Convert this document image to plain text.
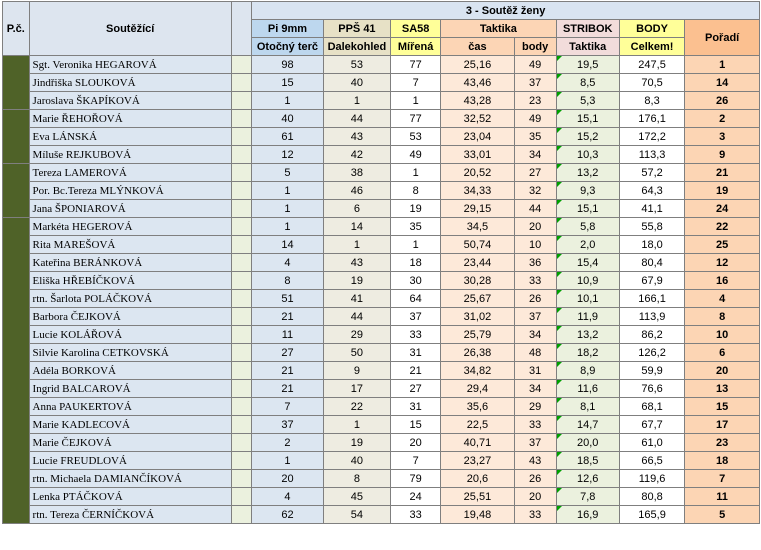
P.č.	Soutěžící		3 - Soutěž ženy							
			Pi 9mm	PPŠ 41	SA58	Taktika		STRIBOK	BODY	Pořadí
			Otočný terč	Dalekohled	Mířená	čas	body	Taktika	Celkem!	
	Sgt. Veronika HEGAROVÁ		98	53	77	25,16	49	19,5	247,5	1
	Jindřiška SLOUKOVÁ		15	40	7	43,46	37	8,5	70,5	14
	Jaroslava ŠKAPÍKOVÁ		1	1	1	43,28	23	5,3	8,3	26
	Marie ŘEHOŘOVÁ		40	44	77	32,52	49	15,1	176,1	2
	Eva LÁNSKÁ		61	43	53	23,04	35	15,2	172,2	3
	Míluše REJKUBOVÁ		12	42	49	33,01	34	10,3	113,3	9
	Tereza LAMEROVÁ		5	38	1	20,52	27	13,2	57,2	21
	Por. Bc.Tereza MLÝNKOVÁ		1	46	8	34,33	32	9,3	64,3	19
	Jana ŠPONIAROVÁ		1	6	19	29,15	44	15,1	41,1	24
	Markéta HEGEROVÁ		1	14	35	34,5	20	5,8	55,8	22
	Rita MAREŠOVÁ		14	1	1	50,74	10	2,0	18,0	25
	Kateřina BERÁNKOVÁ		4	43	18	23,44	36	15,4	80,4	12
	Eliška HŘEBÍČKOVÁ		8	19	30	30,28	33	10,9	67,9	16
	rtn. Šarlota POLÁČKOVÁ		51	41	64	25,67	26	10,1	166,1	4
	Barbora ČEJKOVÁ		21	44	37	31,02	37	11,9	113,9	8
	Lucie KOLÁŘOVÁ		11	29	33	25,79	34	13,2	86,2	10
	Silvie Karolina CETKOVSKÁ		27	50	31	26,38	48	18,2	126,2	6
	Adéla BORKOVÁ		21	9	21	34,82	31	8,9	59,9	20
	Ingrid BALCAROVÁ		21	17	27	29,4	34	11,6	76,6	13
	Anna PAUKERTOVÁ		7	22	31	35,6	29	8,1	68,1	15
	Marie KADLECOVÁ		37	1	15	22,5	33	14,7	67,7	17
	Marie ČEJKOVÁ		2	19	20	40,71	37	20,0	61,0	23
	Lucie FREUDLOVÁ		1	40	7	23,27	43	18,5	66,5	18
	rtn. Michaela DAMIANČÍKOVÁ		20	8	79	20,6	26	12,6	119,6	7
	Lenka PTÁČKOVÁ		4	45	24	25,51	20	7,8	80,8	11
	rtn. Tereza ČERNÍČKOVÁ		62	54	33	19,48	33	16,9	165,9	5
